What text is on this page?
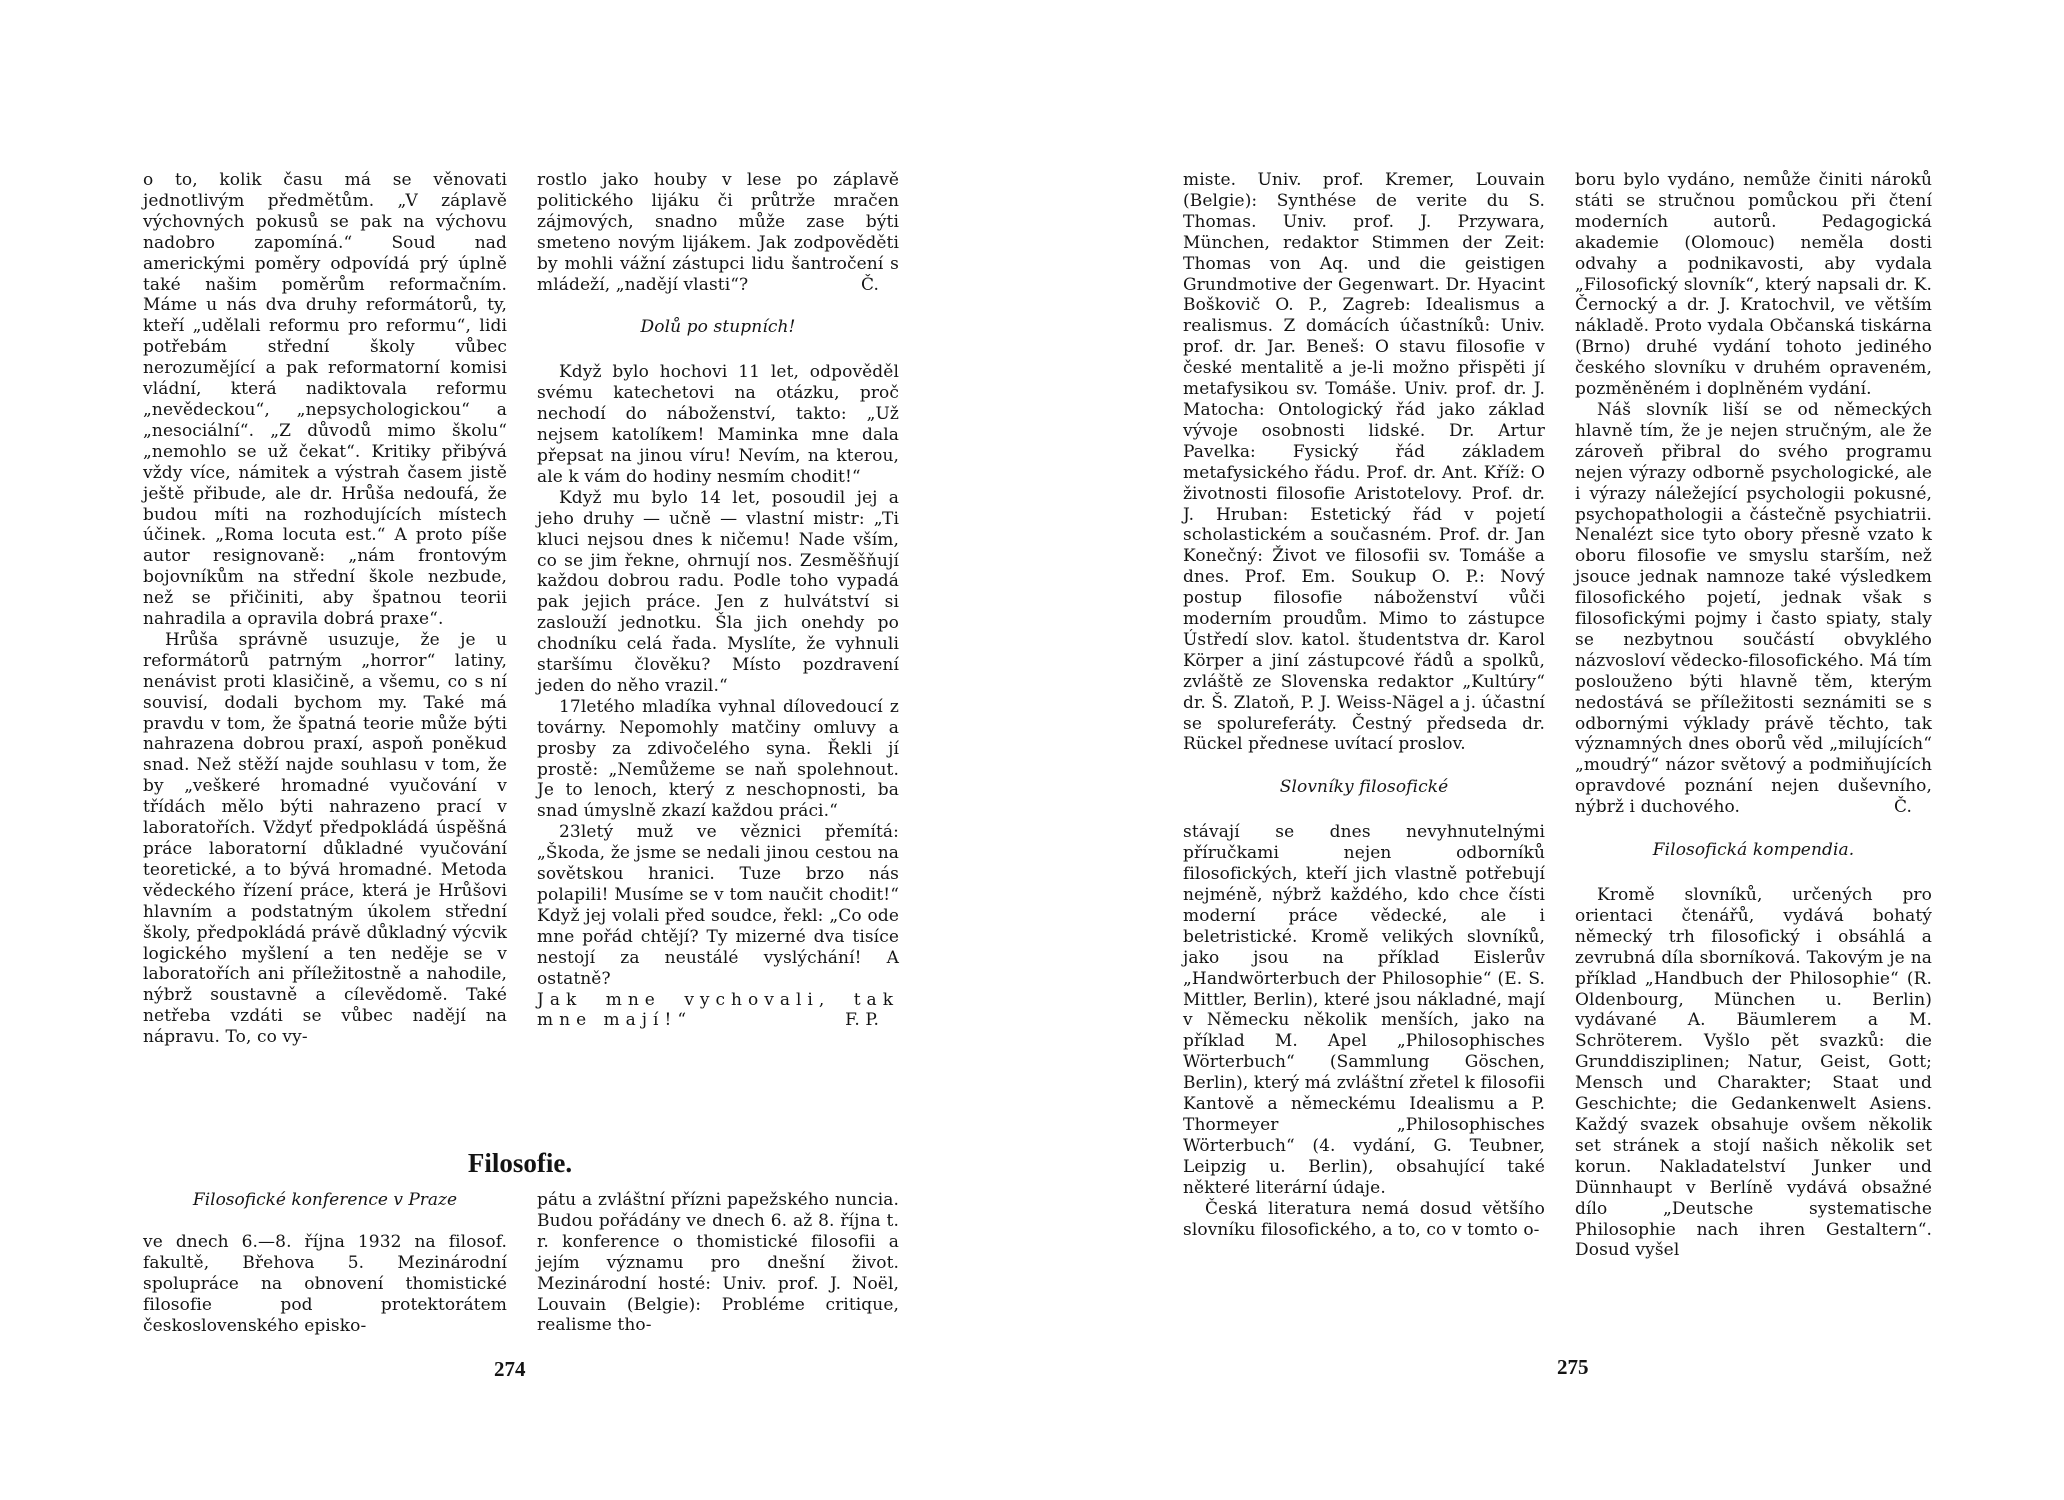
o to, kolik času má se věnovati jednotlivým předmětům. „V záplavě výchovných pokusů se pak na výchovu nadobro zapomíná.“ Soud nad americkými poměry odpovídá prý úplně také našim poměrům reformačním. Máme u nás dva druhy reformátorů, ty, kteří „udělali reformu pro reformu“, lidi potřebám střední školy vůbec nerozumějící a pak reformatorní komisi vládní, která nadiktovala reformu „nevědeckou“, „nepsychologickou“ a „nesociální“. „Z důvodů mimo školu“ „nemohlo se už čekat“. Kritiky přibývá vždy více, námitek a výstrah časem jistě ještě přibude, ale dr. Hrůša nedoufá, že budou míti na rozhodujících místech účinek. „Roma locuta est.“ A proto píše autor resignovaně: „nám frontovým bojovníkům na střední škole nezbude, než se přičiniti, aby špatnou teorii nahradila a opravila dobrá praxe“.

Hrůša správně usuzuje, že je u reformátorů patrným „horror“ latiny, nenávist proti klasičině, a všemu, co s ní souvisí, dodali bychom my. Také má pravdu v tom, že špatná teorie může býti nahrazena dobrou praxí, aspoň poněkud snad. Než stěží najde souhlasu v tom, že by „veškeré hromadné vyučování v třídách mělo býti nahrazeno prací v laboratořích. Vždyť předpokládá úspěšná práce laboratorní důkladné vyučování teoretické, a to bývá hromadné. Metoda vědeckého řízení práce, která je Hrůšovi hlavním a podstatným úkolem střední školy, předpokládá právě důkladný výcvik logického myšlení a ten neděje se v laboratořích ani příležitostně a nahodile, nýbrž soustavně a cílevědomě. Také netřeba vzdáti se vůbec nadějí na nápravu. To, co vy-

rostlo jako houby v lese po záplavě politického lijáku či průtrže mračen zájmových, snadno může zase býti smeteno novým lijákem. Jak zodpověděti by mohli vážní zástupci lidu šantročení s mládeží, „nadějí vlasti“?	Č.

Dolů po stupních!

Když bylo hochovi 11 let, odpověděl svému katechetovi na otázku, proč nechodí do náboženství, takto: „Už nejsem katolíkem! Maminka mne dala přepsat na jinou víru! Nevím, na kterou, ale k vám do hodiny nesmím chodit!“

Když mu bylo 14 let, posoudil jej a jeho druhy — učně — vlastní mistr: „Ti kluci nejsou dnes k ničemu! Nade vším, co se jim řekne, ohrnují nos. Zesměšňují každou dobrou radu. Podle toho vypadá pak jejich práce. Jen z hulvátství si zaslouží jednotku. Šla jich onehdy po chodníku celá řada. Myslíte, že vyhnuli staršímu člověku? Místo pozdravení jeden do něho vrazil.“

17letého mladíka vyhnal dílovedoucí z továrny. Nepomohly matčiny omluvy a prosby za zdivočelého syna. Řekli jí prostě: „Nemůžeme se naň spolehnout. Je to lenoch, který z neschopnosti, ba snad úmyslně zkazí každou práci.“

23letý muž ve věznici přemítá: „Škoda, že jsme se nedali jinou cestou na sovětskou hranici. Tuze brzo nás polapili! Musíme se v tom naučit chodit!“ Když jej volali před soudce, řekl: „Co ode mne pořád chtějí? Ty mizerné dva tisíce nestojí za neustálé vyslýchání! A ostatně?

Jak mne vychovali, tak mne mají!“	F. P.

Filosofie.
Filosofické konference v Praze

ve dnech 6.—8. října 1932 na filosof. fakultě, Břehova 5. Mezinárodní spolupráce na obnovení thomistické filosofie pod protektorátem československého episko-

pátu a zvláštní přízni papežského nuncia. Budou pořádány ve dnech 6. až 8. října t. r. konference o thomistické filosofii a jejím významu pro dnešní život. Mezinárodní hosté: Univ. prof. J. Noël, Louvain (Belgie): Probléme critique, realisme tho-

274

miste. Univ. prof. Kremer, Louvain (Belgie): Synthése de verite du S. Thomas. Univ. prof. J. Przywara, München, redaktor Stimmen der Zeit: Thomas von Aq. und die geistigen Grundmotive der Gegenwart. Dr. Hyacint Boškovič O. P., Zagreb: Idealismus a realismus. Z domácích účastníků: Univ. prof. dr. Jar. Beneš: O stavu filosofie v české mentalitě a je-li možno přispěti jí metafysikou sv. Tomáše. Univ. prof. dr. J. Matocha: Ontologický řád jako základ vývoje osobnosti lidské. Dr. Artur Pavelka: Fysický řád základem metafysického řádu. Prof. dr. Ant. Kříž: O životnosti filosofie Aristotelovy. Prof. dr. J. Hruban: Estetický řád v pojetí scholastickém a současném. Prof. dr. Jan Konečný: Život ve filosofii sv. Tomáše a dnes. Prof. Em. Soukup O. P.: Nový postup filosofie náboženství vůči moderním proudům. Mimo to zástupce Ústředí slov. katol. študentstva dr. Karol Körper a jiní zástupcové řádů a spolků, zvláště ze Slovenska redaktor „Kultúry“ dr. Š. Zlatoň, P. J. Weiss-Nägel a j. účastní se spolureferáty. Čestný předseda dr. Rückel přednese uvítací proslov.

Slovníky filosofické

stávají se dnes nevyhnutelnými příručkami nejen odborníků filosofických, kteří jich vlastně potřebují nejméně, nýbrž každého, kdo chce čísti moderní práce vědecké, ale i beletristické. Kromě velikých slovníků, jako jsou na příklad Eislerův „Handwörterbuch der Philosophie“ (E. S. Mittler, Berlin), které jsou nákladné, mají v Německu několik menších, jako na příklad M. Apel „Philosophisches Wörterbuch“ (Sammlung Göschen, Berlin), který má zvláštní zřetel k filosofii Kantově a německému Idealismu a P. Thormeyer „Philosophisches Wörterbuch“ (4. vydání, G. Teubner, Leipzig u. Berlin), obsahující také některé literární údaje.

Česká literatura nemá dosud většího slovníku filosofického, a to, co v tomto o-

boru bylo vydáno, nemůže činiti nároků státi se stručnou pomůckou při čtení moderních autorů. Pedagogická akademie (Olomouc) neměla dosti odvahy a podnikavosti, aby vydala „Filosofický slovník“, který napsali dr. K. Černocký a dr. J. Kratochvil, ve větším nákladě. Proto vydala Občanská tiskárna (Brno) druhé vydání tohoto jediného českého slovníku v druhém opraveném, pozměněném i doplněném vydání.

Náš slovník liší se od německých hlavně tím, že je nejen stručným, ale že zároveň přibral do svého programu nejen výrazy odborně psychologické, ale i výrazy náležející psychologii pokusné, psychopathologii a částečně psychiatrii. Nenalézt sice tyto obory přesně vzato k oboru filosofie ve smyslu starším, než jsouce jednak namnoze také výsledkem filosofického pojetí, jednak však s filosofickými pojmy i často spiaty, staly se nezbytnou součástí obvyklého názvosloví vědecko-filosofického. Má tím poslouženo býti hlavně těm, kterým nedostává se příležitosti seznámiti se s odbornými výklady právě těchto, tak významných dnes oborů věd „milujících“ „moudrý“ názor světový a podmiňujících opravdové poznání nejen duševního, nýbrž i duchového.	Č.

Filosofická kompendia.

Kromě slovníků, určených pro orientaci čtenářů, vydává bohatý německý trh filosofický i obsáhlá a zevrubná díla sborníková. Takovým je na příklad „Handbuch der Philosophie“ (R. Oldenbourg, München u. Berlin) vydávané A. Bäumlerem a M. Schröterem. Vyšlo pět svazků: die Grunddisziplinen; Natur, Geist, Gott; Mensch und Charakter; Staat und Geschichte; die Gedankenwelt Asiens. Každý svazek obsahuje ovšem několik set stránek a stojí našich několik set korun. Nakladatelství Junker und Dünnhaupt v Berlíně vydává obsažné dílo „Deutsche systematische Philosophie nach ihren Gestaltern“. Dosud vyšel

275
